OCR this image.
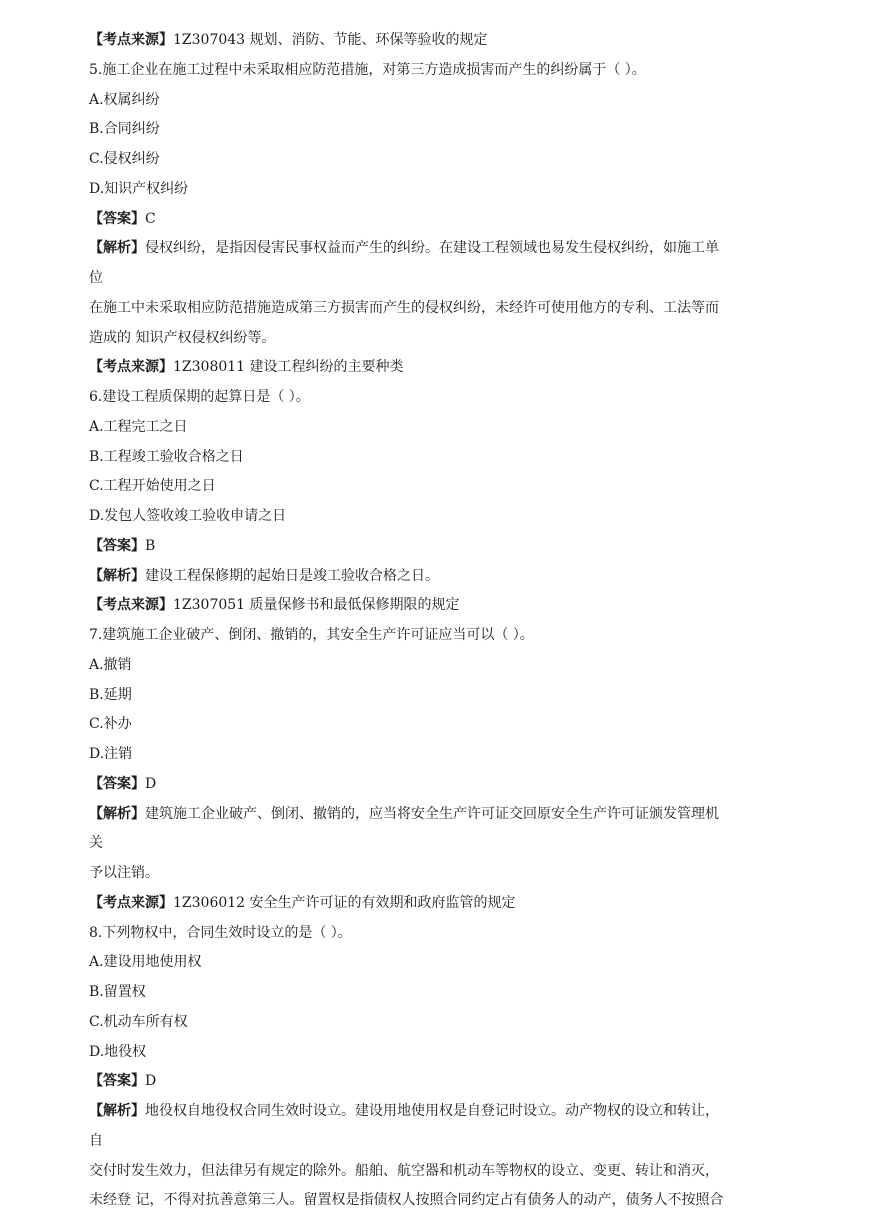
【考点来源】1Z307043 规划、消防、节能、环保等验收的规定
5.施工企业在施工过程中未采取相应防范措施，对第三方造成损害而产生的纠纷属于（ ）。
A.权属纠纷
B.合同纠纷
C.侵权纠纷
D.知识产权纠纷
【答案】C
【解析】侵权纠纷，是指因侵害民事权益而产生的纠纷。在建设工程领域也易发生侵权纠纷，如施工单
位
在施工中未采取相应防范措施造成第三方损害而产生的侵权纠纷，未经许可使用他方的专利、工法等而
造成的 知识产权侵权纠纷等。
【考点来源】1Z308011 建设工程纠纷的主要种类
6.建设工程质保期的起算日是（ ）。
A.工程完工之日
B.工程竣工验收合格之日
C.工程开始使用之日
D.发包人签收竣工验收申请之日
【答案】B
【解析】建设工程保修期的起始日是竣工验收合格之日。
【考点来源】1Z307051 质量保修书和最低保修期限的规定
7.建筑施工企业破产、倒闭、撤销的，其安全生产许可证应当可以（ ）。
A.撤销
B.延期
C.补办
D.注销
【答案】D
【解析】建筑施工企业破产、倒闭、撤销的，应当将安全生产许可证交回原安全生产许可证颁发管理机
关
予以注销。
【考点来源】1Z306012 安全生产许可证的有效期和政府监管的规定
8.下列物权中，合同生效时设立的是（ ）。
A.建设用地使用权
B.留置权
C.机动车所有权
D.地役权
【答案】D
【解析】地役权自地役权合同生效时设立。建设用地使用权是自登记时设立。动产物权的设立和转让，
自
交付时发生效力，但法律另有规定的除外。船舶、航空器和机动车等物权的设立、变更、转让和消灭，
未经登 记，不得对抗善意第三人。留置权是指债权人按照合同约定占有债务人的动产，债务人不按照合
